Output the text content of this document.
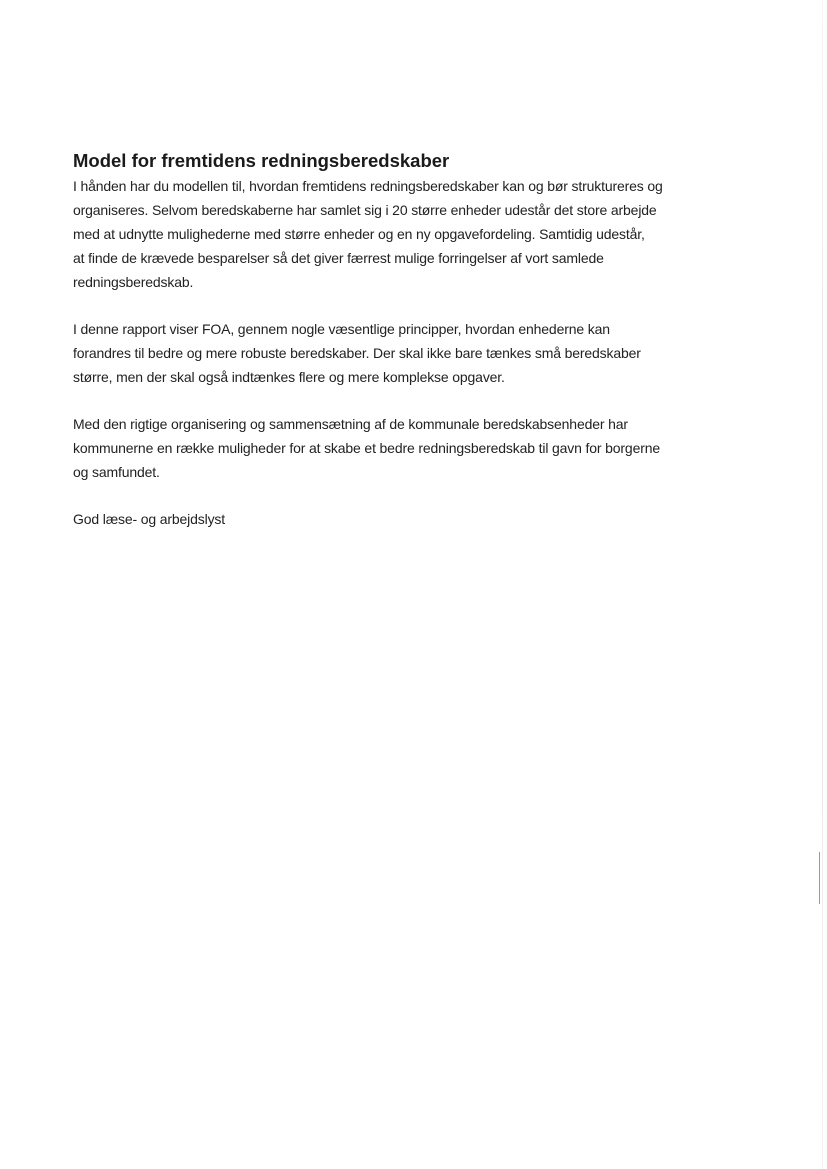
Model for fremtidens redningsberedskaber

I hånden har du modellen til, hvordan fremtidens redningsberedskaber kan og bør struktureres og
organiseres. Selvom beredskaberne har samlet sig i 20 større enheder udestår det store arbejde
med at udnytte mulighederne med større enheder og en ny opgavefordeling. Samtidig udestår,
at finde de krævede besparelser så det giver færrest mulige forringelser af vort samlede
redningsberedskab.

I denne rapport viser FOA, gennem nogle væsentlige principper, hvordan enhederne kan
forandres til bedre og mere robuste beredskaber. Der skal ikke bare tænkes små beredskaber
større, men der skal også indtænkes flere og mere komplekse opgaver.

Med den rigtige organisering og sammensætning af de kommunale beredskabsenheder har
kommunerne en række muligheder for at skabe et bedre redningsberedskab til gavn for borgerne
og samfundet.

God læse- og arbejdslyst
